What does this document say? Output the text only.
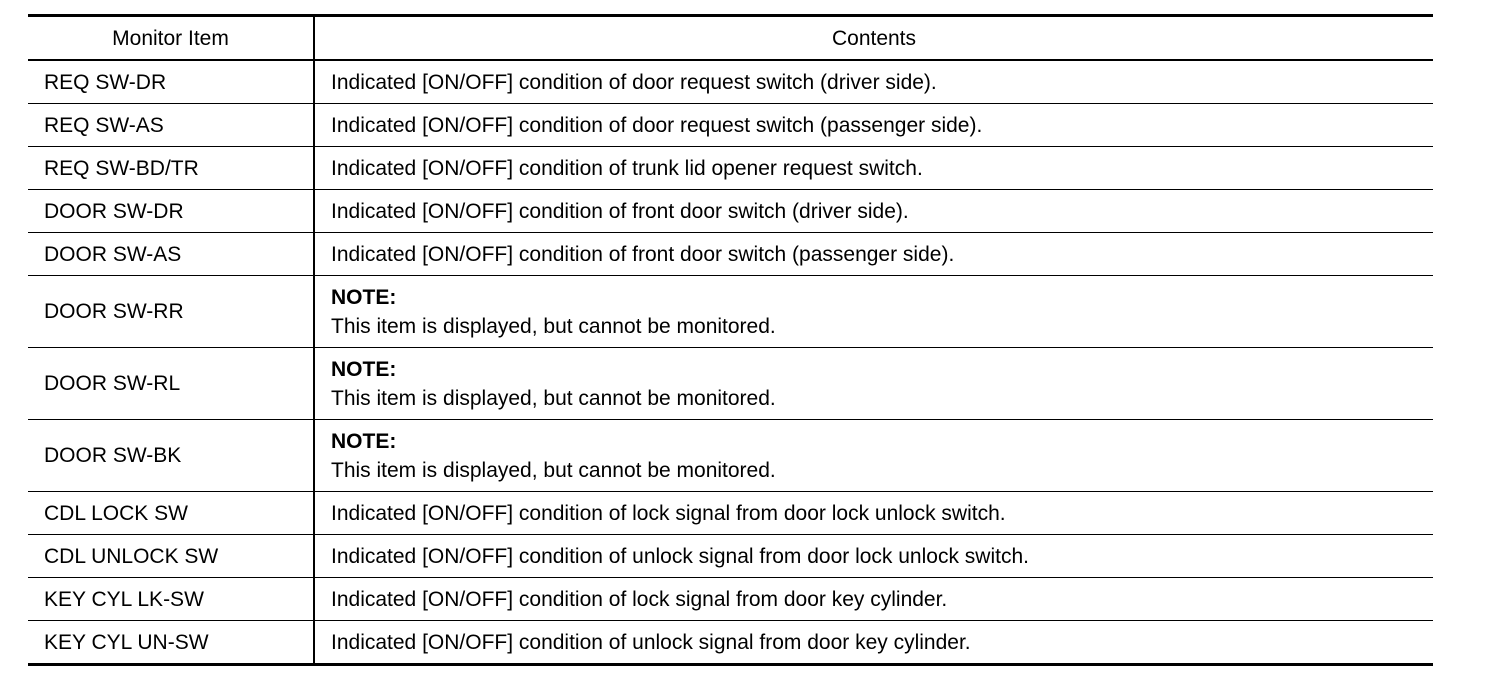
Monitor Item	Contents
REQ SW-DR	Indicated [ON/OFF] condition of door request switch (driver side).
REQ SW-AS	Indicated [ON/OFF] condition of door request switch (passenger side).
REQ SW-BD/TR	Indicated [ON/OFF] condition of trunk lid opener request switch.
DOOR SW-DR	Indicated [ON/OFF] condition of front door switch (driver side).
DOOR SW-AS	Indicated [ON/OFF] condition of front door switch (passenger side).
DOOR SW-RR	NOTE:
This item is displayed, but cannot be monitored.

DOOR SW-RL	NOTE:
This item is displayed, but cannot be monitored.

DOOR SW-BK	NOTE:
This item is displayed, but cannot be monitored.

CDL LOCK SW	Indicated [ON/OFF] condition of lock signal from door lock unlock switch.
CDL UNLOCK SW	Indicated [ON/OFF] condition of unlock signal from door lock unlock switch.
KEY CYL LK-SW	Indicated [ON/OFF] condition of lock signal from door key cylinder.
KEY CYL UN-SW	Indicated [ON/OFF] condition of unlock signal from door key cylinder.
